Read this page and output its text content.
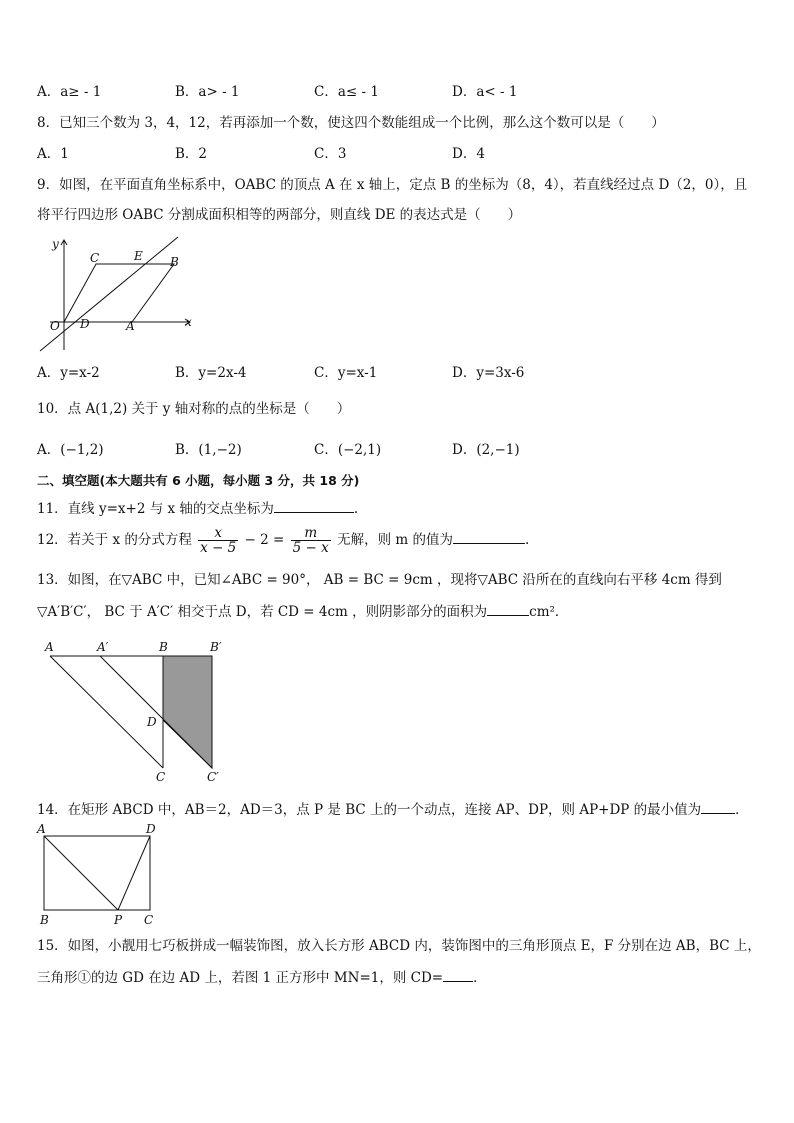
A．a≥ - 1	B．a> - 1	C．a≤ - 1	D．a< - 1
8．已知三个数为 3，4，12，若再添加一个数，使这四个数能组成一个比例，那么这个数可以是（　　）
A．1	B．2	C．3	D．4
9．如图，在平面直角坐标系中，OABC 的顶点 A 在 x 轴上，定点 B 的坐标为（8，4），若直线经过点 D（2，0），且
将平行四边形 OABC 分割成面积相等的两部分，则直线 DE 的表达式是（　　）
y
x
O D	A
C	E B
A．y=x-2	B．y=2x-4	C．y=x-1	D．y=3x-6
10．点 A(1,2) 关于 y 轴对称的点的坐标是（　　）
A．(−1,2)	B．(1,−2)	C．(−2,1)	D．(2,−1)
二、填空题(本大题共有 6 小题，每小题 3 分，共 18 分)
11．直线 y=x+2 与 x 轴的交点坐标为	.
12．若关于 x 的分式方程 $\frac{x}{x - 5} - 2 = \frac{m}{5 - x}$ 无解，则 m 的值为	.
13．如图，在▽ABC 中，已知∠ABC = 90°， AB = BC = 9cm ，现将▽ABC 沿所在的直线向右平移 4cm 得到
▽A′B′C′， BC 于 A′C′ 相交于点 D，若 CD = 4cm ，则阴影部分的面积为	cm²．
A	A′	B	B′
D
C	C′
14．在矩形 ABCD 中，AB＝2，AD＝3，点 P 是 BC 上的一个动点，连接 AP、DP，则 AP+DP 的最小值为	．
A	D
B	P C
15．如图，小靓用七巧板拼成一幅装饰图，放入长方形 ABCD 内，装饰图中的三角形顶点 E，F 分别在边 AB，BC 上，
三角形①的边 GD 在边 AD 上，若图 1 正方形中 MN=1，则 CD= ．
